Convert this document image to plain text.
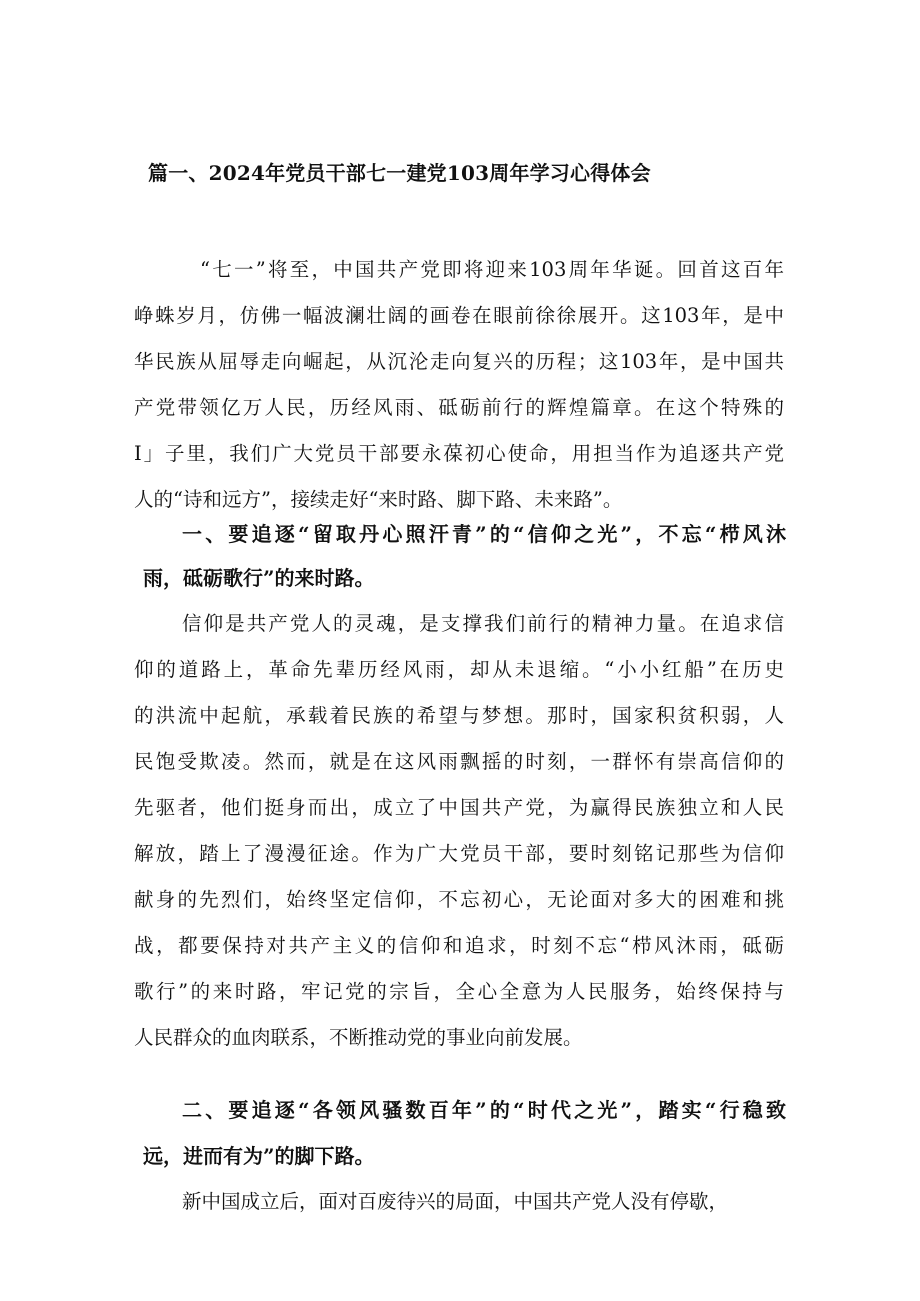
篇一、2024年党员干部七一建党103周年学习心得体会
“七一”将至，中国共产党即将迎来103周年华诞。回首这百年
峥蛛岁月，仿佛一幅波澜壮阔的画卷在眼前徐徐展开。这103年，是中
华民族从屈辱走向崛起，从沉沦走向复兴的历程；这103年，是中国共
产党带领亿万人民，历经风雨、砥砺前行的辉煌篇章。在这个特殊的
I」子里，我们广大党员干部要永葆初心使命，用担当作为追逐共产党
人的“诗和远方”，接续走好“来时路、脚下路、未来路”。
一、要追逐“留取丹心照汗青”的“信仰之光”，不忘“栉风沐
雨，砥砺歌行”的来时路。
信仰是共产党人的灵魂，是支撑我们前行的精神力量。在追求信
仰的道路上，革命先辈历经风雨，却从未退缩。“小小红船”在历史
的洪流中起航，承载着民族的希望与梦想。那时，国家积贫积弱，人
民饱受欺凌。然而，就是在这风雨飘摇的时刻，一群怀有崇高信仰的
先驱者，他们挺身而出，成立了中国共产党，为赢得民族独立和人民
解放，踏上了漫漫征途。作为广大党员干部，要时刻铭记那些为信仰
献身的先烈们，始终坚定信仰，不忘初心，无论面对多大的困难和挑
战，都要保持对共产主义的信仰和追求，时刻不忘“栉风沐雨，砥砺
歌行”的来时路，牢记党的宗旨，全心全意为人民服务，始终保持与
人民群众的血肉联系，不断推动党的事业向前发展。
二、要追逐“各领风骚数百年”的“时代之光”，踏实“行稳致
远，进而有为”的脚下路。
新中国成立后，面对百废待兴的局面，中国共产党人没有停歇，
